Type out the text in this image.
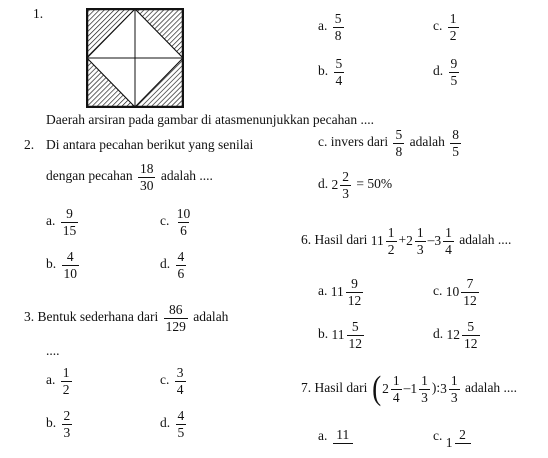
1.
a. $\frac{5}{8}$	c. $\frac{1}{2}$
b. $\frac{5}{4}$	d. $\frac{9}{5}$
Daerah arsiran pada gambar di atasmenunjukkan pecahan ....
2. Di antara pecahan berikut yang senilai
dengan pecahan $\frac{18}{30}$ adalah ....
a. $\frac{9}{15}$	c. $\frac{10}{6}$
b. $\frac{4}{10}$	d. $\frac{4}{6}$
c. invers dari $\frac{5}{8}$ adalah $\frac{8}{5}$
d. $2 \frac{2}{3} = 50\%$
6. Hasil dari $11 \frac{1}{2} + 2 \frac{1}{3} - 3 \frac{1}{4}$ adalah ....
a. $11 \frac{9}{12}$	c. $10 \frac{7}{12}$
b. $11 \frac{5}{12}$	d. $12 \frac{5}{12}$
3. Bentuk sederhana dari $\frac{86}{129}$ adalah
....
a. $\frac{1}{2}$	c. $\frac{3}{4}$
b. $\frac{2}{3}$	d. $\frac{4}{5}$
7. Hasil dari ( $2 \frac{1}{4} - 1 \frac{1}{3}$ ): $3 \frac{1}{3}$ adalah ....
a. 11	c. 1
2
